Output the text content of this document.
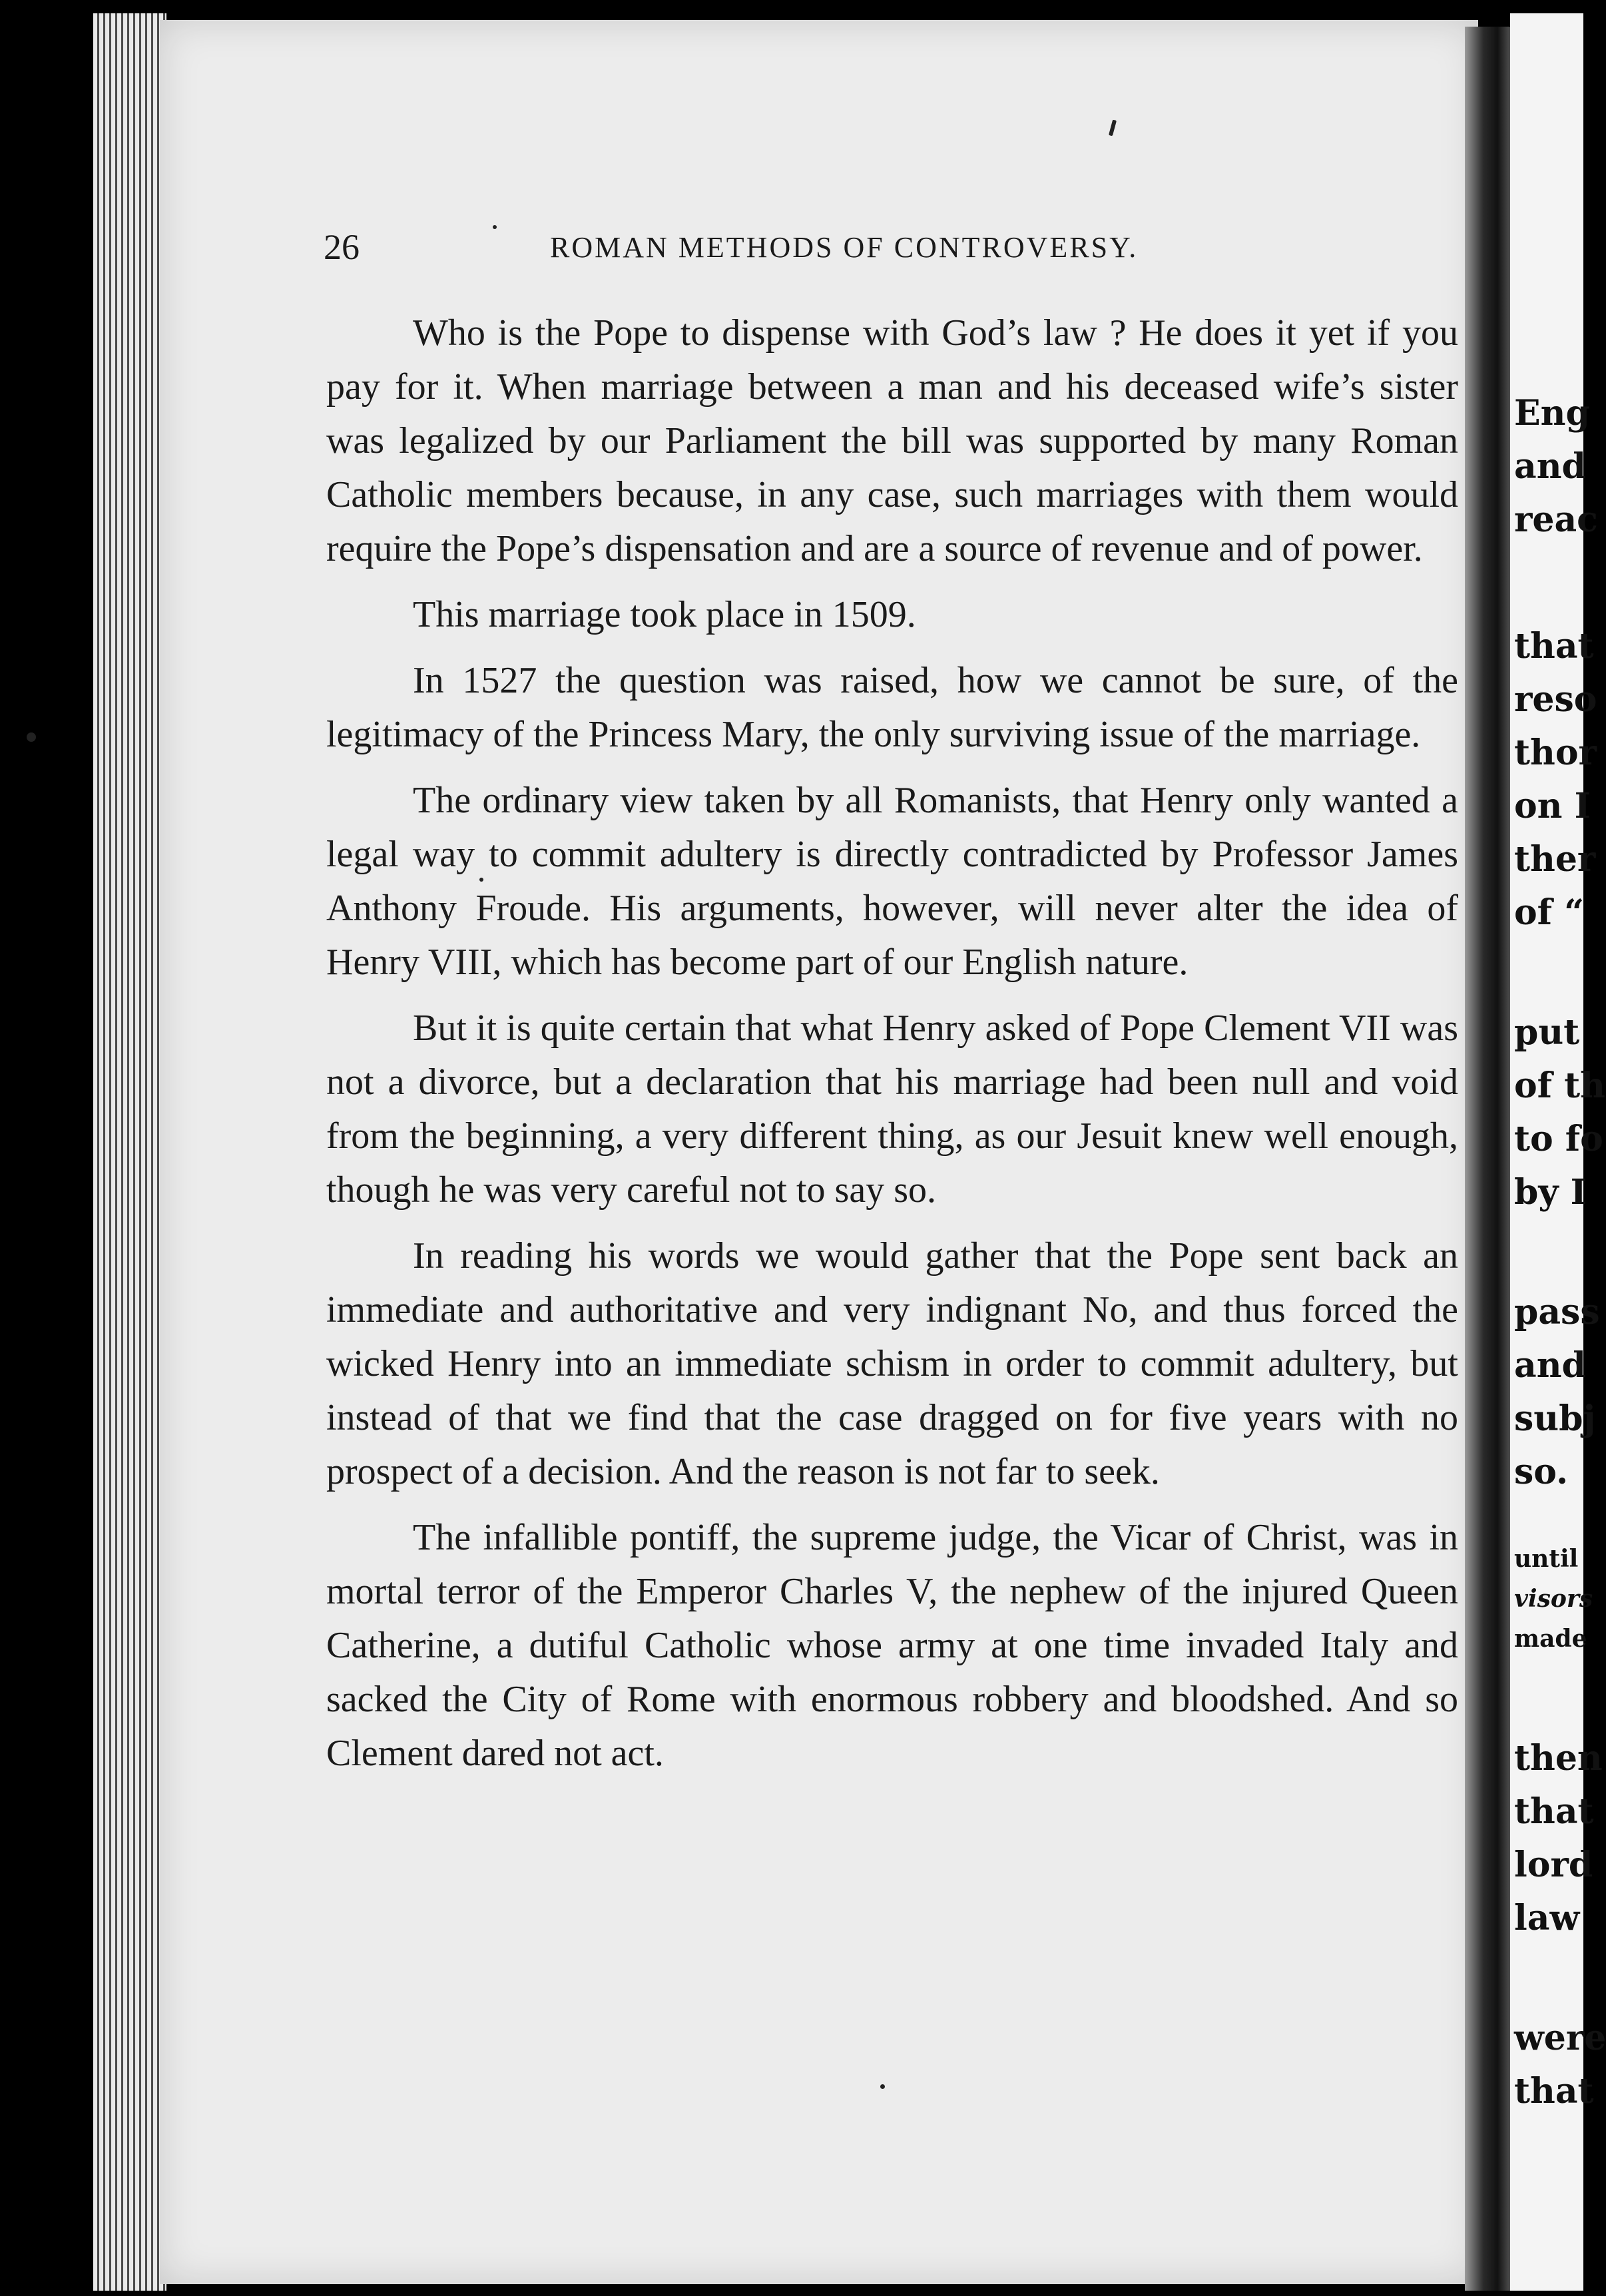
26	ROMAN METHODS OF CONTROVERSY.

Who is the Pope to dispense with God’s law ? He does it yet if you pay for it. When marriage between a man and his deceased wife’s sister was legalized by our Parliament the bill was supported by many Roman Catholic members because, in any case, such marriages with them would require the Pope’s dispensation and are a source of revenue and of power.

This marriage took place in 1509.

In 1527 the question was raised, how we cannot be sure, of the legitimacy of the Princess Mary, the only surviving issue of the marriage.

The ordinary view taken by all Romanists, that Henry only wanted a legal way to commit adultery is directly contradicted by Professor James Anthony Froude. His arguments, however, will never alter the idea of Henry VIII, which has become part of our English nature.

But it is quite certain that what Henry asked of Pope Clement VII was not a divorce, but a declaration that his marriage had been null and void from the beginning, a very different thing, as our Jesuit knew well enough, though he was very careful not to say so.

In reading his words we would gather that the Pope sent back an immediate and authoritative and very indignant No, and thus forced the wicked Henry into an immediate schism in order to commit adultery, but instead of that we find that the case dragged on for five years with no prospect of a decision. And the reason is not far to seek.

The infallible pontiff, the supreme judge, the Vicar of Christ, was in mortal terror of the Emperor Charles V, the nephew of the injured Queen Catherine, a dutiful Catholic whose army at one time invaded Italy and sacked the City of Rome with enormous robbery and bloodshed. And so Clement dared not act.

Eng
and
reac
that
reso
thor
on I
ther
of “
put
of th
to fo
by I
pass
and
subj
so.
until
visors
made
then
that
lord
law
were
that
